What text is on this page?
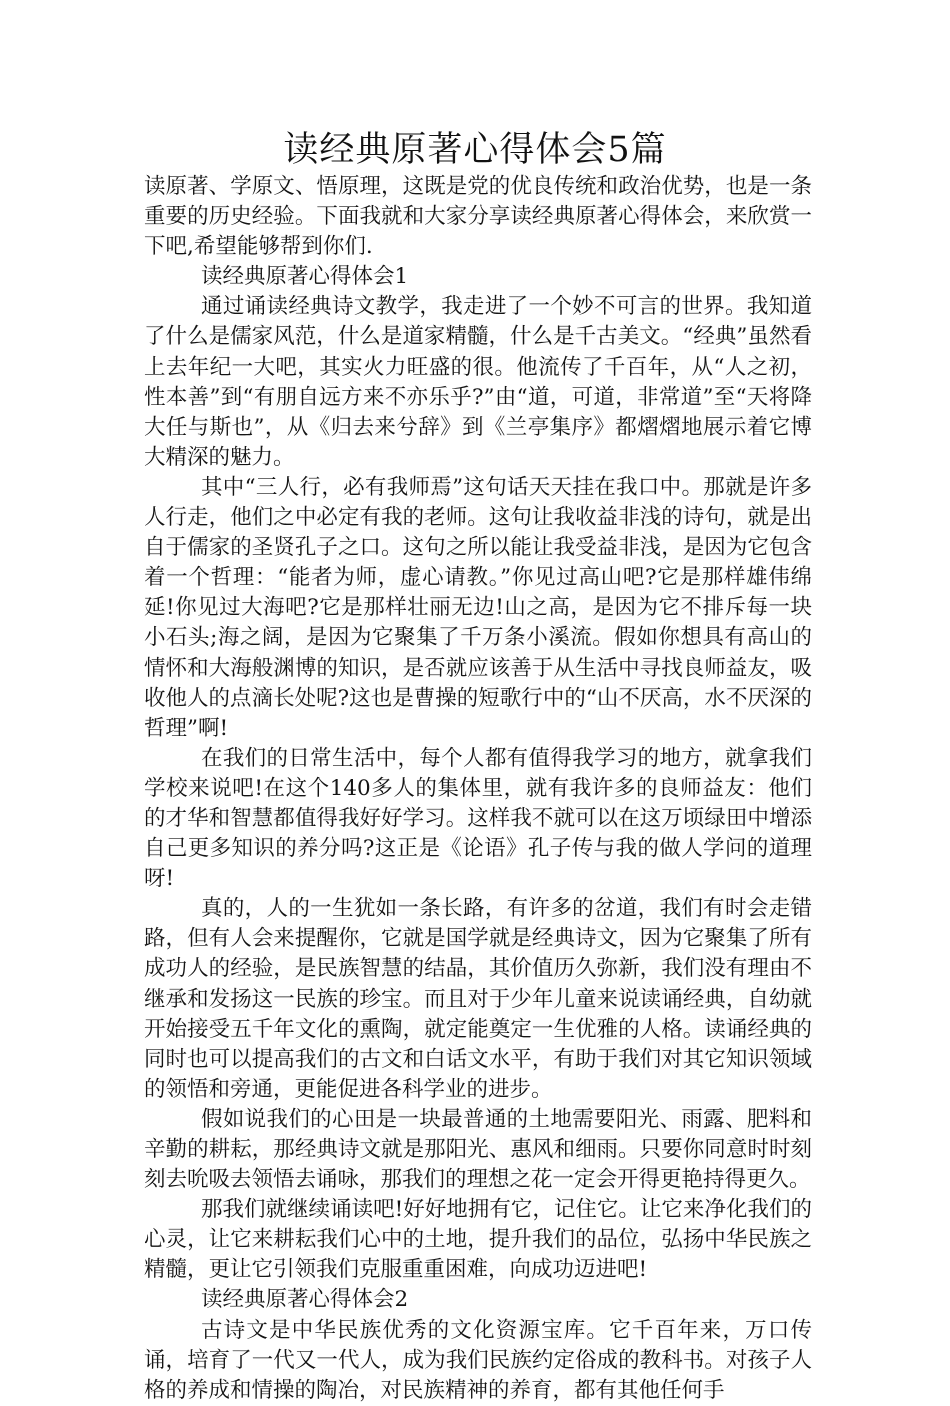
读经典原著心得体会5篇

读原著、学原文、悟原理，这既是党的优良传统和政治优势，也是一条重要的历史经验。下面我就和大家分享读经典原著心得体会，来欣赏一下吧,希望能够帮到你们.

读经典原著心得体会1

通过诵读经典诗文教学，我走进了一个妙不可言的世界。我知道了什么是儒家风范，什么是道家精髓，什么是千古美文。“经典”虽然看上去年纪一大吧，其实火力旺盛的很。他流传了千百年，从“人之初，性本善”到“有朋自远方来不亦乐乎?”由“道，可道，非常道”至“天将降大任与斯也”，从《归去来兮辞》到《兰亭集序》都熠熠地展示着它博大精深的魅力。

其中“三人行，必有我师焉”这句话天天挂在我口中。那就是许多人行走，他们之中必定有我的老师。这句让我收益非浅的诗句，就是出自于儒家的圣贤孔子之口。这句之所以能让我受益非浅，是因为它包含着一个哲理：“能者为师，虚心请教。”你见过高山吧?它是那样雄伟绵延!你见过大海吧?它是那样壮丽无边!山之高，是因为它不排斥每一块小石头;海之阔，是因为它聚集了千万条小溪流。假如你想具有高山的情怀和大海般渊博的知识，是否就应该善于从生活中寻找良师益友，吸收他人的点滴长处呢?这也是曹操的短歌行中的“山不厌高，水不厌深的哲理”啊!

在我们的日常生活中，每个人都有值得我学习的地方，就拿我们学校来说吧!在这个140多人的集体里，就有我许多的良师益友：他们的才华和智慧都值得我好好学习。这样我不就可以在这万顷绿田中增添自己更多知识的养分吗?这正是《论语》孔子传与我的做人学问的道理呀!

真的，人的一生犹如一条长路，有许多的岔道，我们有时会走错路，但有人会来提醒你，它就是国学就是经典诗文，因为它聚集了所有成功人的经验，是民族智慧的结晶，其价值历久弥新，我们没有理由不继承和发扬这一民族的珍宝。而且对于少年儿童来说读诵经典，自幼就开始接受五千年文化的熏陶，就定能奠定一生优雅的人格。读诵经典的同时也可以提高我们的古文和白话文水平，有助于我们对其它知识领域的领悟和旁通，更能促进各科学业的进步。

假如说我们的心田是一块最普通的土地需要阳光、雨露、肥料和辛勤的耕耘，那经典诗文就是那阳光、惠风和细雨。只要你同意时时刻刻去吮吸去领悟去诵咏，那我们的理想之花一定会开得更艳持得更久。

那我们就继续诵读吧!好好地拥有它，记住它。让它来净化我们的心灵，让它来耕耘我们心中的土地，提升我们的品位，弘扬中华民族之精髓，更让它引领我们克服重重困难，向成功迈进吧!

读经典原著心得体会2

古诗文是中华民族优秀的文化资源宝库。它千百年来，万口传诵，培育了一代又一代人，成为我们民族约定俗成的教科书。对孩子人格的养成和情操的陶冶，对民族精神的养育，都有其他任何手
